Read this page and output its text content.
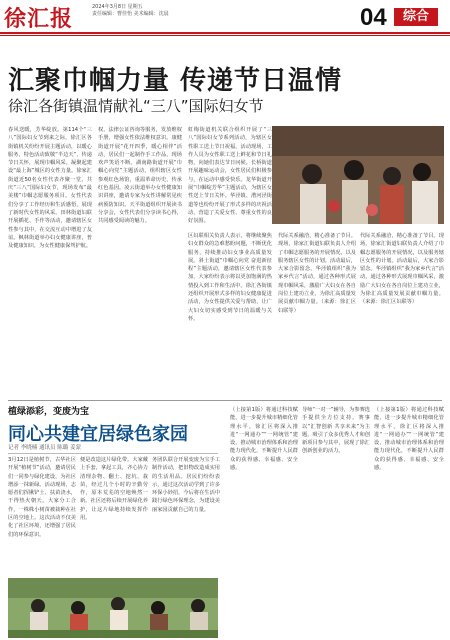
徐汇报	2024年3月8日 星期五
责任编辑：曹佳怡 美术编辑：沈晨	04	综合
汇聚巾帼力量 传递节日温情
徐汇各街镇温情献礼“三八”国际妇女节
春风送暖，芳华绽放。第114个“三八”国际妇女节到来之际，徐汇区各街镇机关纷纷开展主题活动，以暖心服务、特色活动致敬“半边天”，传递节日关怀，展现巾帼风采。凝聚起建设“最上海”城区的女性力量。徐家汇街道近50名女性代表齐聚一堂，共庆“三八”国际妇女节，现场发布“最美楼”巾帼志愿服务项目。女性代表们分享了工作经历和生活感悟，展现了新时代女性的风采。田林街道妇联开展插花、手作等活动，邀请辖区女性参与其中，在交流互动中增进了友谊。枫林街道举办妇女健康讲座，普及健康知识，为女性健康保驾护航。
权、法律公证咨询等服务，发放维权手册，增强女性依法维权意识。康健街道开展“花开四季，暖心相伴”活动，居民们一起制作手工作品，现场欢声笑语不断。湖南路街道开展“巾帼心向党”主题活动，组织辖区女性参观红色场馆，重温革命历史，传承红色基因。凌云街道举办女性健康知识讲座，邀请专家为女性讲解常见疾病预防知识。天平街道组织开展读书分享会，女性代表们分享读书心得，共同感受阅读的魅力。
虹梅街道机关联合组织开展了“三八”国际妇女节系列活动，为辖区女性职工送上节日祝福。活动现场，工作人员为女性职工送上鲜花和节日礼物，向她们表达节日问候。长桥街道开展趣味运动会，女性居民们积极参与，在运动中感受快乐。龙华街道开展“巾帼绽芳华”主题活动，为辖区女性送上节日关怀。华泾镇、漕河泾街道等也纷纷开展了形式多样的庆祝活动，营造了关爱女性、尊重女性的良好氛围。
区妇联相关负责人表示，将继续聚焦妇女群众的急难愁盼问题，不断优化服务，持续推动妇女事业高质量发展。斜土街道“巾帼心向党 奋进新征程”主题活动，邀请辖区女性代表参加，大家纷纷表示将以更加饱满的热情投入到工作和生活中。徐汇各街镇还组织开展形式多样的妇女健康促进活动，为女性提供关爱与帮助，让广大妇女切实感受到节日的温暖与关怀。
代际关系融洽，精心准备了节目。现场，徐家汇街道妇联负责人介绍了巾帼志愿服务的开展情况，以及服务辖区女性的计划。活动最后，大家合影留念。华泾镇组织“我为家乡代言”活动，通过各种形式展现巾帼风采，激励广大妇女在各自岗位上建功立业，为徐汇高质量发展贡献巾帼力量。（来源：徐汇区妇联等）
代际关系融洽，精心准备了节目。现场，徐家汇街道妇联负责人介绍了巾帼志愿服务的开展情况，以及服务辖区女性的计划。活动最后，大家合影留念。华泾镇组织“我为家乡代言”活动，通过各种形式展现巾帼风采，激励广大妇女在各自岗位上建功立业，为徐汇高质量发展贡献巾帼力量。（来源：徐汇区妇联等）
植绿添彩，变废为宝
同心共建宜居绿色家园
记者 李晓楠 通讯员 陈璐 姜蒙
3月12日是植树节，古华社区开展“植树节”活动，邀请居民们一同参与绿化建设，为社区增添一抹新绿。活动现场，志愿者们挥锹铲土、扶苗浇水，干得热火朝天。大家分工合作，一株株小树苗被栽种在社区的空地上。这次活动不仅美化了社区环境，还增强了居民们的环保意识。
便是改造这片绿化带。大家戴上手套，拿起工具，齐心协力清理杂物、翻土、挖坑、栽苗，经过几个小时的辛勤劳作，原本荒芜的空地焕然一新。社区还将后续开展绿化养护，让这片绿地持续发挥作用。
务团队联合开展变废为宝手工制作活动，把旧物改造成实用的生活用品。居民们纷纷表示，通过这次活动学到了许多环保小妙招，今后将在生活中践行绿色环保理念，为建设美丽家园贡献自己的力量。
（上接第1版）将通过科技赋能，进一步提升城市精细化管理水平。徐汇区将深入推进“一网通办”“一网统管”建设，推动城市治理体系和治理能力现代化，不断提升人民群众的获得感、幸福感、安全感。
导师“一对一”辅导，为参赛选手提供全方位支持。赛事以“汇智创新 共享未来”为主题，吸引了众多优秀人才和创新项目参与其中，展现了徐汇创新创业的活力。
（上接第1版）将通过科技赋能，进一步提升城市精细化管理水平。徐汇区将深入推进“一网通办”“一网统管”建设，推动城市治理体系和治理能力现代化，不断提升人民群众的获得感、幸福感、安全感。
